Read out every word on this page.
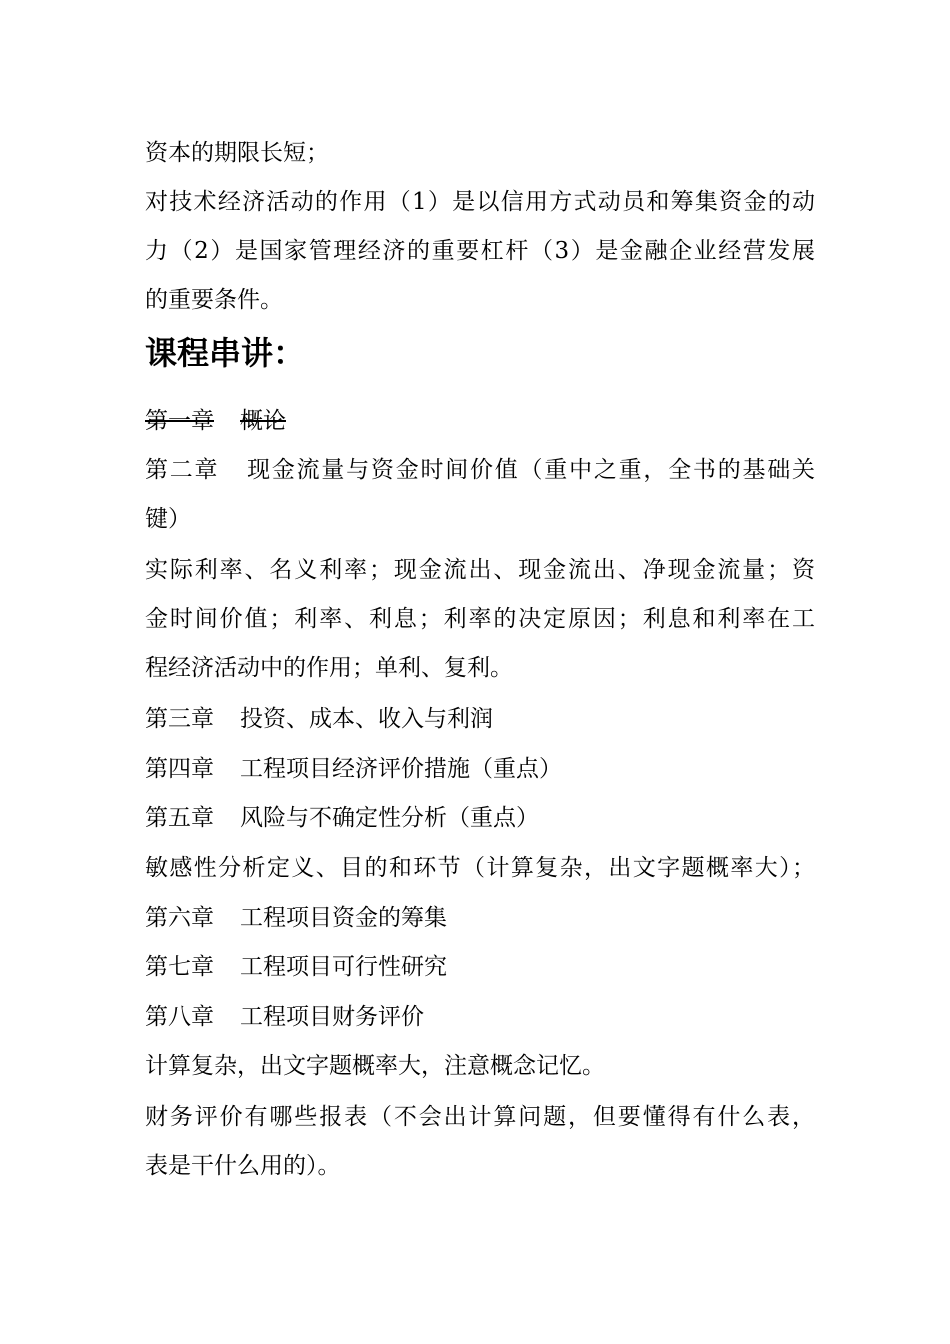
资本的期限长短；
对技术经济活动的作用（1）是以信用方式动员和筹集资金的动
力（2）是国家管理经济的重要杠杆（3）是金融企业经营发展
的重要条件。
课程串讲：
第一章 概论
第二章 现金流量与资金时间价值（重中之重，全书的基础关
键）
实际利率、名义利率；现金流出、现金流出、净现金流量；资
金时间价值；利率、利息；利率的决定原因；利息和利率在工
程经济活动中的作用；单利、复利。
第三章 投资、成本、收入与利润
第四章 工程项目经济评价措施（重点）
第五章 风险与不确定性分析（重点）
敏感性分析定义、目的和环节（计算复杂，出文字题概率大）；
第六章 工程项目资金的筹集
第七章 工程项目可行性研究
第八章 工程项目财务评价
计算复杂，出文字题概率大，注意概念记忆。
财务评价有哪些报表（不会出计算问题，但要懂得有什么表，
表是干什么用的）。
